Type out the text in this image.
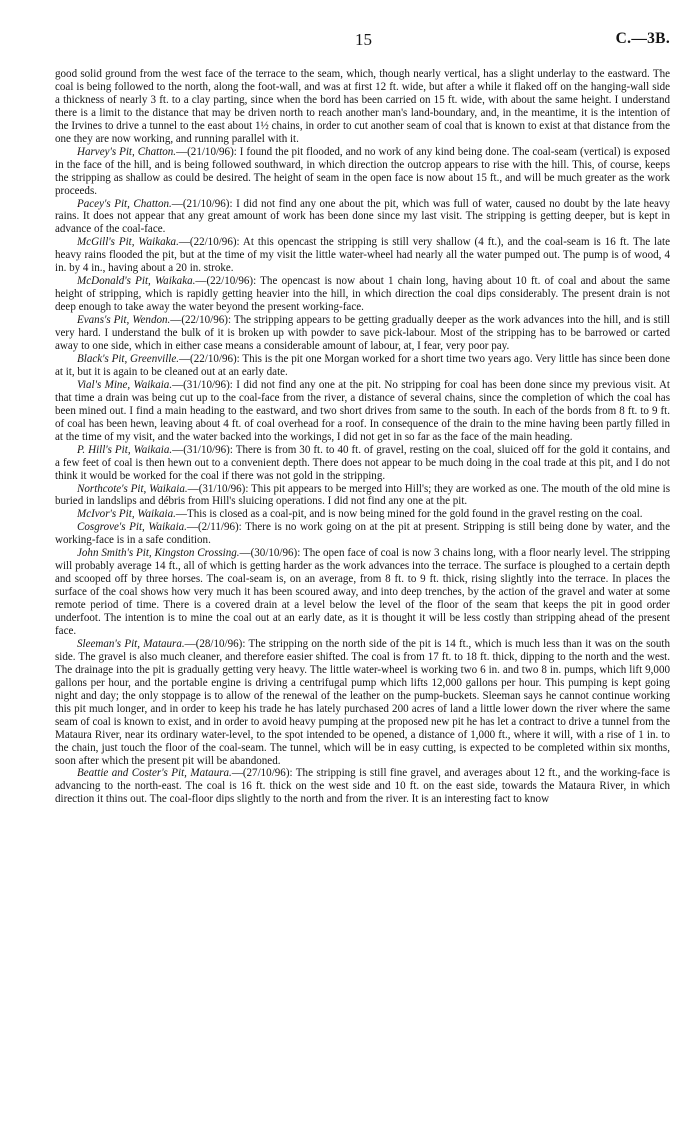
15	C.—3B.

good solid ground from the west face of the terrace to the seam, which, though nearly vertical, has a slight underlay to the eastward. The coal is being followed to the north, along the foot-wall, and was at first 12 ft. wide, but after a while it flaked off on the hanging-wall side a thickness of nearly 3 ft. to a clay parting, since when the bord has been carried on 15 ft. wide, with about the same height. I understand there is a limit to the distance that may be driven north to reach another man's land-boundary, and, in the meantime, it is the intention of the Irvines to drive a tunnel to the east about 1½ chains, in order to cut another seam of coal that is known to exist at that distance from the one they are now working, and running parallel with it.

Harvey's Pit, Chatton.—(21/10/96): I found the pit flooded, and no work of any kind being done. The coal-seam (vertical) is exposed in the face of the hill, and is being followed southward, in which direction the outcrop appears to rise with the hill. This, of course, keeps the stripping as shallow as could be desired. The height of seam in the open face is now about 15 ft., and will be much greater as the work proceeds.

Pacey's Pit, Chatton.—(21/10/96): I did not find any one about the pit, which was full of water, caused no doubt by the late heavy rains. It does not appear that any great amount of work has been done since my last visit. The stripping is getting deeper, but is kept in advance of the coal-face.

McGill's Pit, Waikaka.—(22/10/96): At this opencast the stripping is still very shallow (4 ft.), and the coal-seam is 16 ft. The late heavy rains flooded the pit, but at the time of my visit the little water-wheel had nearly all the water pumped out. The pump is of wood, 4 in. by 4 in., having about a 20 in. stroke.

McDonald's Pit, Waikaka.—(22/10/96): The opencast is now about 1 chain long, having about 10 ft. of coal and about the same height of stripping, which is rapidly getting heavier into the hill, in which direction the coal dips considerably. The present drain is not deep enough to take away the water beyond the present working-face.

Evans's Pit, Wendon.—(22/10/96): The stripping appears to be getting gradually deeper as the work advances into the hill, and is still very hard. I understand the bulk of it is broken up with powder to save pick-labour. Most of the stripping has to be barrowed or carted away to one side, which in either case means a considerable amount of labour, at, I fear, very poor pay.

Black's Pit, Greenville.—(22/10/96): This is the pit one Morgan worked for a short time two years ago. Very little has since been done at it, but it is again to be cleaned out at an early date.

Vial's Mine, Waikaia.—(31/10/96): I did not find any one at the pit. No stripping for coal has been done since my previous visit. At that time a drain was being cut up to the coal-face from the river, a distance of several chains, since the completion of which the coal has been mined out. I find a main heading to the eastward, and two short drives from same to the south. In each of the bords from 8 ft. to 9 ft. of coal has been hewn, leaving about 4 ft. of coal overhead for a roof. In consequence of the drain to the mine having been partly filled in at the time of my visit, and the water backed into the workings, I did not get in so far as the face of the main heading.

P. Hill's Pit, Waikaia.—(31/10/96): There is from 30 ft. to 40 ft. of gravel, resting on the coal, sluiced off for the gold it contains, and a few feet of coal is then hewn out to a convenient depth. There does not appear to be much doing in the coal trade at this pit, and I do not think it would be worked for the coal if there was not gold in the stripping.

Northcote's Pit, Waikaia.—(31/10/96): This pit appears to be merged into Hill's; they are worked as one. The mouth of the old mine is buried in landslips and débris from Hill's sluicing operations. I did not find any one at the pit.

McIvor's Pit, Waikaia.—This is closed as a coal-pit, and is now being mined for the gold found in the gravel resting on the coal.

Cosgrove's Pit, Waikaia.—(2/11/96): There is no work going on at the pit at present. Stripping is still being done by water, and the working-face is in a safe condition.

John Smith's Pit, Kingston Crossing.—(30/10/96): The open face of coal is now 3 chains long, with a floor nearly level. The stripping will probably average 14 ft., all of which is getting harder as the work advances into the terrace. The surface is ploughed to a certain depth and scooped off by three horses. The coal-seam is, on an average, from 8 ft. to 9 ft. thick, rising slightly into the terrace. In places the surface of the coal shows how very much it has been scoured away, and into deep trenches, by the action of the gravel and water at some remote period of time. There is a covered drain at a level below the level of the floor of the seam that keeps the pit in good order underfoot. The intention is to mine the coal out at an early date, as it is thought it will be less costly than stripping ahead of the present face.

Sleeman's Pit, Mataura.—(28/10/96): The stripping on the north side of the pit is 14 ft., which is much less than it was on the south side. The gravel is also much cleaner, and therefore easier shifted. The coal is from 17 ft. to 18 ft. thick, dipping to the north and the west. The drainage into the pit is gradually getting very heavy. The little water-wheel is working two 6 in. and two 8 in. pumps, which lift 9,000 gallons per hour, and the portable engine is driving a centrifugal pump which lifts 12,000 gallons per hour. This pumping is kept going night and day; the only stoppage is to allow of the renewal of the leather on the pump-buckets. Sleeman says he cannot continue working this pit much longer, and in order to keep his trade he has lately purchased 200 acres of land a little lower down the river where the same seam of coal is known to exist, and in order to avoid heavy pumping at the proposed new pit he has let a contract to drive a tunnel from the Mataura River, near its ordinary water-level, to the spot intended to be opened, a distance of 1,000 ft., where it will, with a rise of 1 in. to the chain, just touch the floor of the coal-seam. The tunnel, which will be in easy cutting, is expected to be completed within six months, soon after which the present pit will be abandoned.

Beattie and Coster's Pit, Mataura.—(27/10/96): The stripping is still fine gravel, and averages about 12 ft., and the working-face is advancing to the north-east. The coal is 16 ft. thick on the west side and 10 ft. on the east side, towards the Mataura River, in which direction it thins out. The coal-floor dips slightly to the north and from the river. It is an interesting fact to know
